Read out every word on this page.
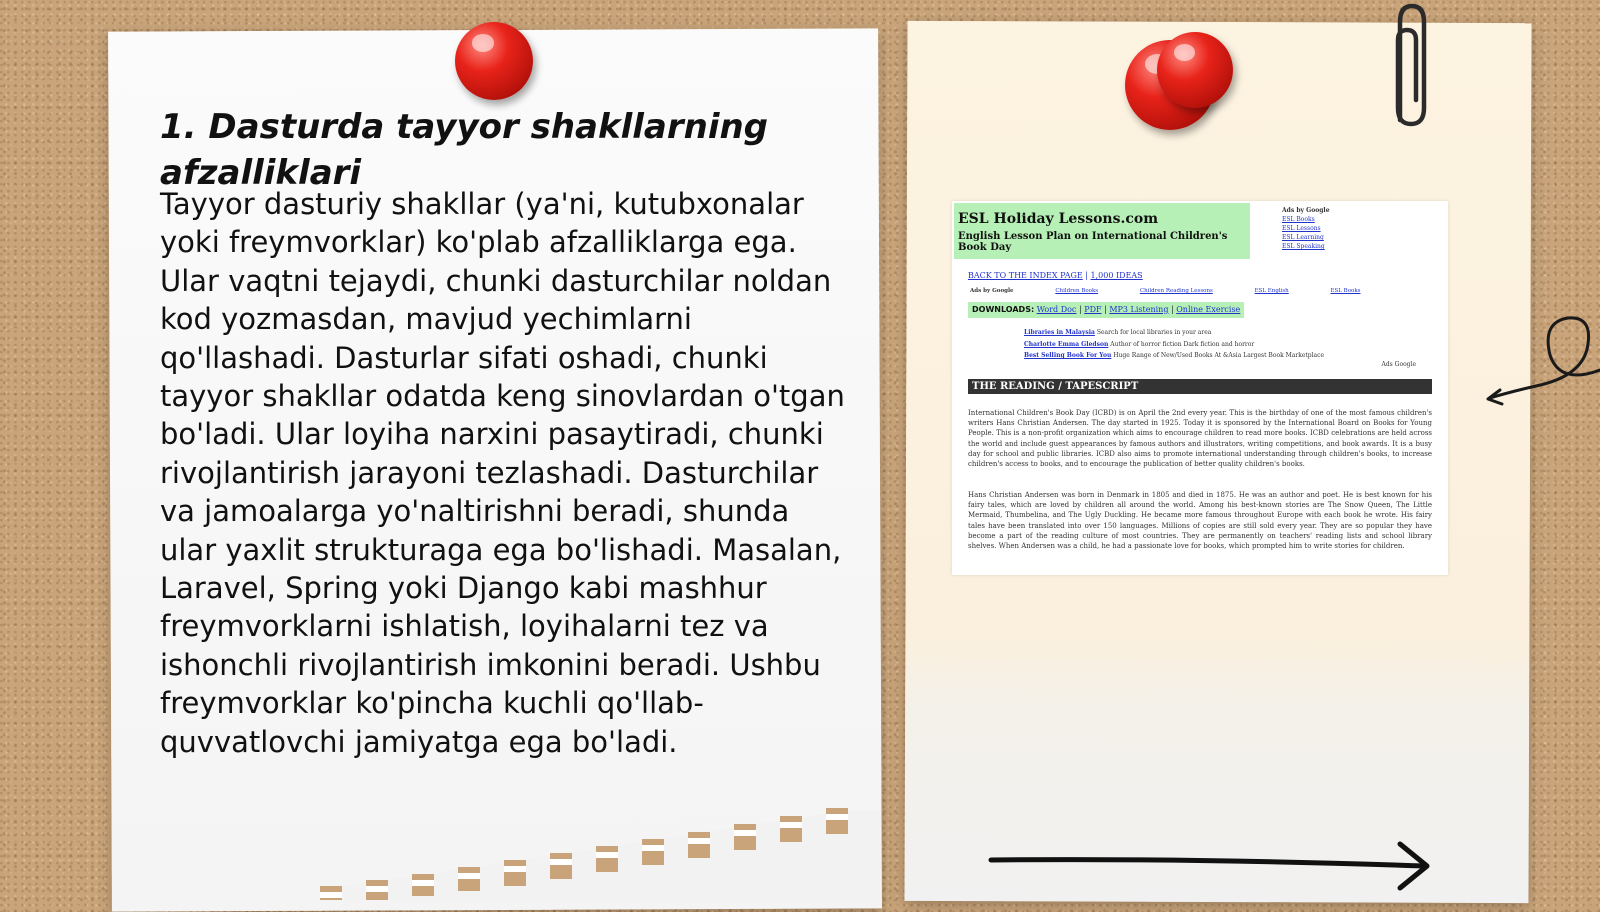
1. Dasturda tayyor shakllarning afzalliklari

Tayyor dasturiy shakllar (ya'ni, kutubxonalar yoki freymvorklar) ko'plab afzalliklarga ega. Ular vaqtni tejaydi, chunki dasturchilar noldan kod yozmasdan, mavjud yechimlarni qo'llashadi. Dasturlar sifati oshadi, chunki tayyor shakllar odatda keng sinovlardan o'tgan bo'ladi. Ular loyiha narxini pasaytiradi, chunki rivojlantirish jarayoni tezlashadi. Dasturchilar va jamoalarga yo'naltirishni beradi, shunda ular yaxlit strukturaga ega bo'lishadi. Masalan, Laravel, Spring yoki Django kabi mashhur freymvorklarni ishlatish, loyihalarni tez va ishonchli rivojlantirish imkonini beradi. Ushbu freymvorklar ko'pincha kuchli qo'llab-quvvatlovchi jamiyatga ega bo'ladi.

ESL Holiday Lessons.com
English Lesson Plan on International Children's Book Day
Ads by Google
ESL Books
ESL Lessons
ESL Learning
ESL Speaking
BACK TO THE INDEX PAGE | 1,000 IDEAS
Ads by Google	Children Books	Children Reading Lessons	ESL English	ESL Books
DOWNLOADS: Word Doc | PDF | MP3 Listening | Online Exercise
Libraries in Malaysia Search for local libraries in your area
Charlotte Emma Gledson Author of horror fiction Dark fiction and horror
Best Selling Book For You Huge Range of New/Used Books At &Asia Largest Book Marketplace
Ads Google
THE READING / TAPESCRIPT

International Children's Book Day (ICBD) is on April the 2nd every year. This is the birthday of one of the most famous children's writers Hans Christian Andersen. The day started in 1925. Today it is sponsored by the International Board on Books for Young People. This is a non-profit organization which aims to encourage children to read more books. ICBD celebrations are held across the world and include guest appearances by famous authors and illustrators, writing competitions, and book awards. It is a busy day for school and public libraries. ICBD also aims to promote international understanding through children's books, to increase children's access to books, and to encourage the publication of better quality children's books.

Hans Christian Andersen was born in Denmark in 1805 and died in 1875. He was an author and poet. He is best known for his fairy tales, which are loved by children all around the world. Among his best-known stories are The Snow Queen, The Little Mermaid, Thumbelina, and The Ugly Duckling. He became more famous throughout Europe with each book he wrote. His fairy tales have been translated into over 150 languages. Millions of copies are still sold every year. They are so popular they have become a part of the reading culture of most countries. They are permanently on teachers' reading lists and school library shelves. When Andersen was a child, he had a passionate love for books, which prompted him to write stories for children.
